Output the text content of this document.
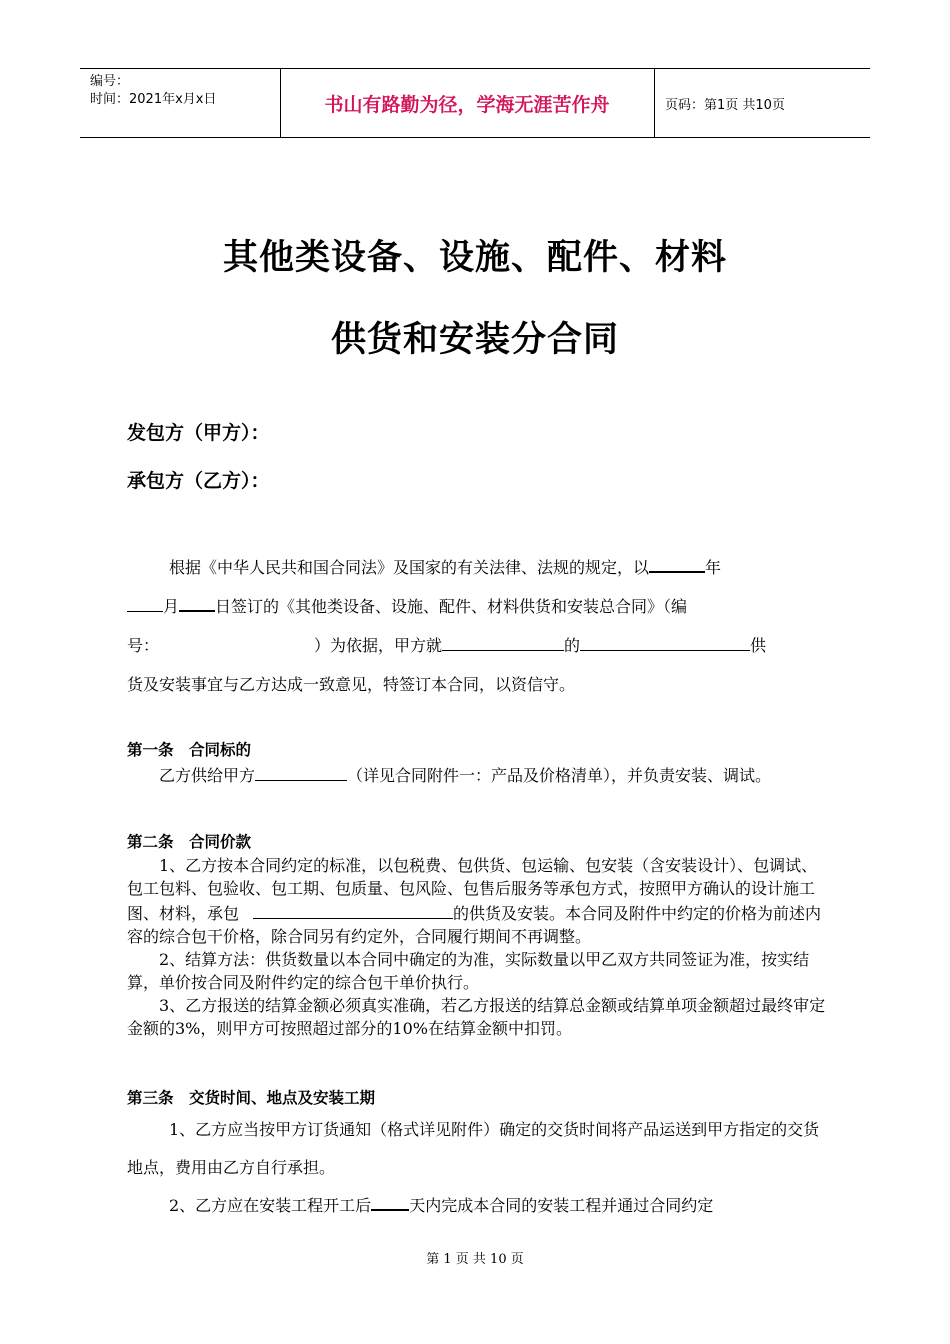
编号：
时间：2021年x月x日	书山有路勤为径，学海无涯苦作舟	页码：第1页 共10页
其他类设备、设施、配件、材料
供货和安装分合同
发包方（甲方）：
承包方（乙方）：
根据《中华人民共和国合同法》及国家的有关法律、法规的规定，以	年
月 日签订的《其他类设备、设施、配件、材料供货和安装总合同》（编
号：	）为依据，甲方就	的	供
货及安装事宜与乙方达成一致意见，特签订本合同，以资信守。
第一条　合同标的

乙方供给甲方	（详见合同附件一：产品及价格清单），并负责安装、调试。

第二条　合同价款

1、乙方按本合同约定的标准，以包税费、包供货、包运输、包安装（含安装设计）、包调试、包工包料、包验收、包工期、包质量、包风险、包售后服务等承包方式，按照甲方确认的设计施工图、材料，承包	的供货及安装。本合同及附件中约定的价格为前述内容的综合包干价格，除合同另有约定外，合同履行期间不再调整。

2、结算方法：供货数量以本合同中确定的为准，实际数量以甲乙双方共同签证为准，按实结算，单价按合同及附件约定的综合包干单价执行。

3、乙方报送的结算金额必须真实准确，若乙方报送的结算总金额或结算单项金额超过最终审定金额的3%，则甲方可按照超过部分的10%在结算金额中扣罚。

第三条　交货时间、地点及安装工期

1、乙方应当按甲方订货通知（格式详见附件）确定的交货时间将产品运送到甲方指定的交货地点，费用由乙方自行承担。

2、乙方应在安装工程开工后 天内完成本合同的安装工程并通过合同约定

第 1 页 共 10 页
